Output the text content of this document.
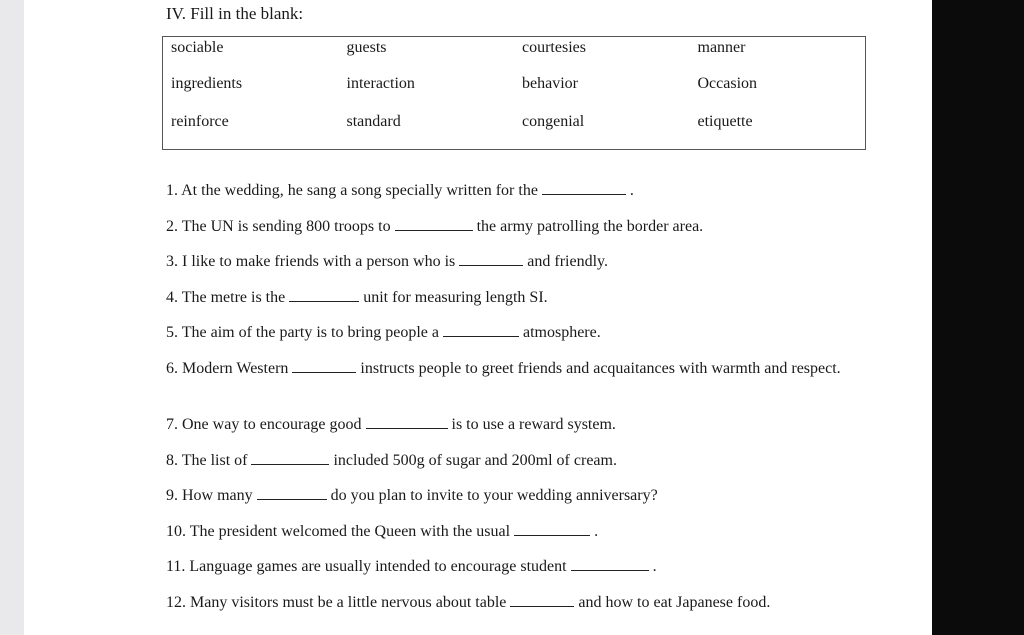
IV. Fill in the blank:
sociable	guests	courtesies	manner
ingredients	interaction	behavior	Occasion
reinforce	standard	congenial	etiquette
1. At the wedding, he sang a song specially written for the	.
2. The UN is sending 800 troops to	the army patrolling the border area.
3. I like to make friends with a person who is	and friendly.
4. The metre is the	unit for measuring length SI.
5. The aim of the party is to bring people a	atmosphere.
6. Modern Western	instructs people to greet friends and acquaitances with warmth and respect.
7. One way to encourage good	is to use a reward system.
8. The list of	included 500g of sugar and 200ml of cream.
9. How many	do you plan to invite to your wedding anniversary?
10. The president welcomed the Queen with the usual	.
11. Language games are usually intended to encourage student	.
12. Many visitors must be a little nervous about table	and how to eat Japanese food.
